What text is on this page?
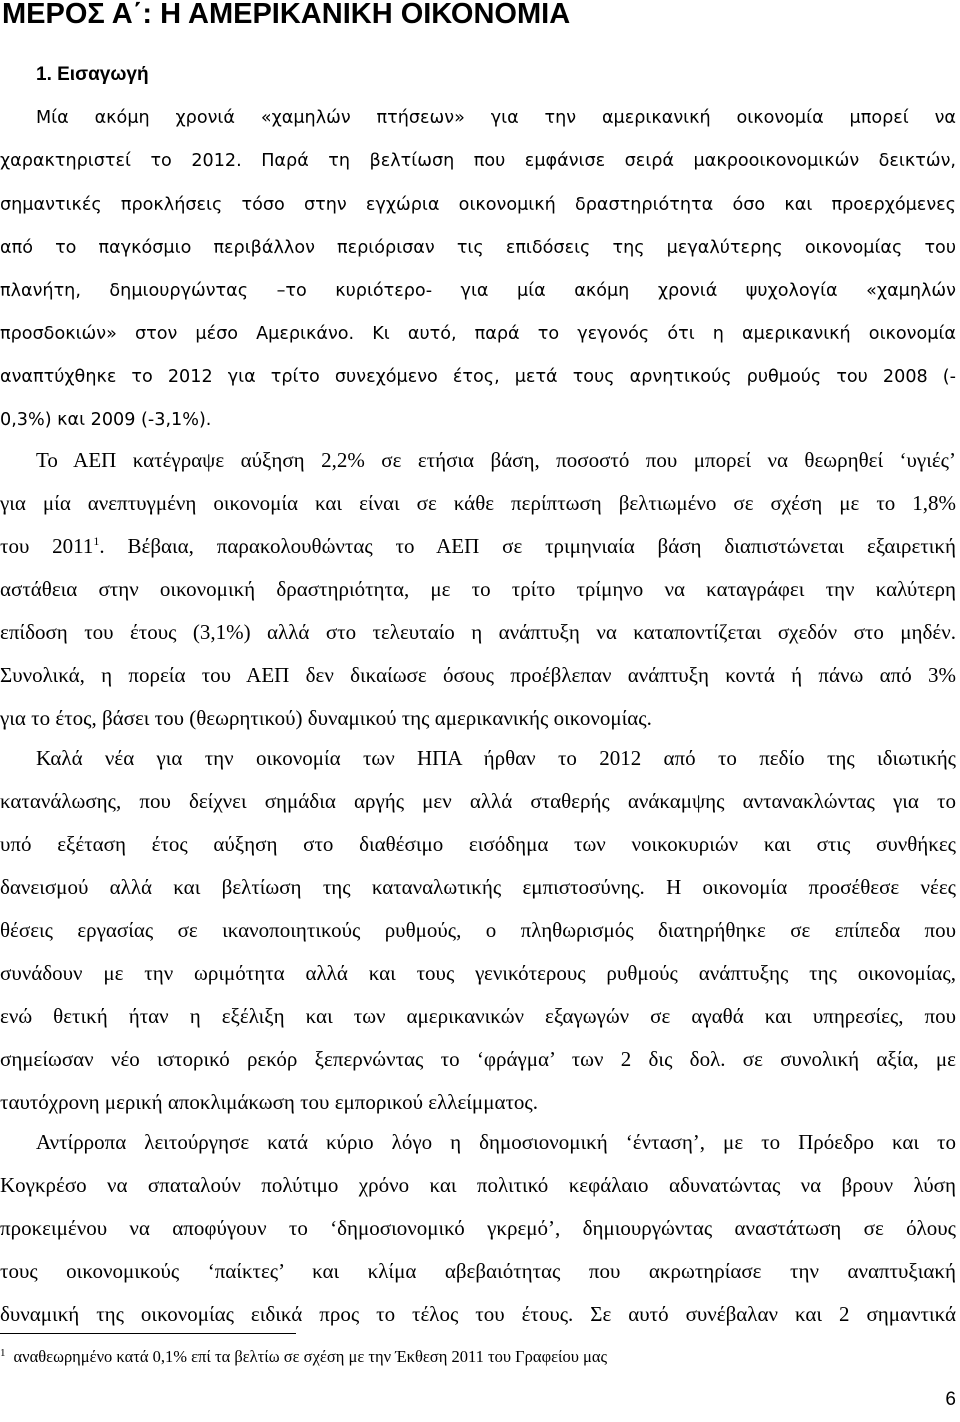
ΜΕΡΟΣ Α΄: Η ΑΜΕΡΙΚΑΝΙΚΗ ΟΙΚΟΝΟΜΙΑ
1. Εισαγωγή

Μία ακόμη χρονιά «χαμηλών πτήσεων» για την αμερικανική οικονομία μπορεί να

χαρακτηριστεί το 2012. Παρά τη βελτίωση που εμφάνισε σειρά μακροοικονομικών δεικτών,

σημαντικές προκλήσεις τόσο στην εγχώρια οικονομική δραστηριότητα όσο και προερχόμενες

από το παγκόσμιο περιβάλλον περιόρισαν τις επιδόσεις της μεγαλύτερης οικονομίας του

πλανήτη, δημιουργώντας –το κυριότερο- για μία ακόμη χρονιά ψυχολογία «χαμηλών

προσδοκιών» στον μέσο Αμερικάνο. Κι αυτό, παρά το γεγονός ότι η αμερικανική οικονομία

αναπτύχθηκε το 2012 για τρίτο συνεχόμενο έτος, μετά τους αρνητικούς ρυθμούς του 2008 (-

0,3%) και 2009 (-3,1%).

Το ΑΕΠ κατέγραψε αύξηση 2,2% σε ετήσια βάση, ποσοστό που μπορεί να θεωρηθεί ‘υγιές’

για μία ανεπτυγμένη οικονομία και είναι σε κάθε περίπτωση βελτιωμένο σε σχέση με το 1,8%

του 2011$^1$. Βέβαια, παρακολουθώντας το ΑΕΠ σε τριμηνιαία βάση διαπιστώνεται εξαιρετική

αστάθεια στην οικονομική δραστηριότητα, με το τρίτο τρίμηνο να καταγράφει την καλύτερη

επίδοση του έτους (3,1%) αλλά στο τελευταίο η ανάπτυξη να καταποντίζεται σχεδόν στο μηδέν.

Συνολικά, η πορεία του ΑΕΠ δεν δικαίωσε όσους προέβλεπαν ανάπτυξη κοντά ή πάνω από 3%

για το έτος, βάσει του (θεωρητικού) δυναμικού της αμερικανικής οικονομίας.

Καλά νέα για την οικονομία των ΗΠΑ ήρθαν το 2012 από το πεδίο της ιδιωτικής

κατανάλωσης, που δείχνει σημάδια αργής μεν αλλά σταθερής ανάκαμψης αντανακλώντας για το

υπό εξέταση έτος αύξηση στο διαθέσιμο εισόδημα των νοικοκυριών και στις συνθήκες

δανεισμού αλλά και βελτίωση της καταναλωτικής εμπιστοσύνης. Η οικονομία προσέθεσε νέες

θέσεις εργασίας σε ικανοποιητικούς ρυθμούς, ο πληθωρισμός διατηρήθηκε σε επίπεδα που

συνάδουν με την ωριμότητα αλλά και τους γενικότερους ρυθμούς ανάπτυξης της οικονομίας,

ενώ θετική ήταν η εξέλιξη και των αμερικανικών εξαγωγών σε αγαθά και υπηρεσίες, που

σημείωσαν νέο ιστορικό ρεκόρ ξεπερνώντας το ‘φράγμα’ των 2 δις δολ. σε συνολική αξία, με

ταυτόχρονη μερική αποκλιμάκωση του εμπορικού ελλείμματος.

Αντίρροπα λειτούργησε κατά κύριο λόγο η δημοσιονομική ‘ένταση’, με το Πρόεδρο και το

Κογκρέσο να σπαταλούν πολύτιμο χρόνο και πολιτικό κεφάλαιο αδυνατώντας να βρουν λύση

προκειμένου να αποφύγουν το ‘δημοσιονομικό γκρεμό’, δημιουργώντας αναστάτωση σε όλους

τους οικονομικούς ‘παίκτες’ και κλίμα αβεβαιότητας που ακρωτηρίασε την αναπτυξιακή

δυναμική της οικονομίας ειδικά προς το τέλος του έτους. Σε αυτό συνέβαλαν και 2 σημαντικά

$^1$ αναθεωρημένο κατά 0,1% επί τα βελτίω σε σχέση με την Έκθεση 2011 του Γραφείου μας

6
